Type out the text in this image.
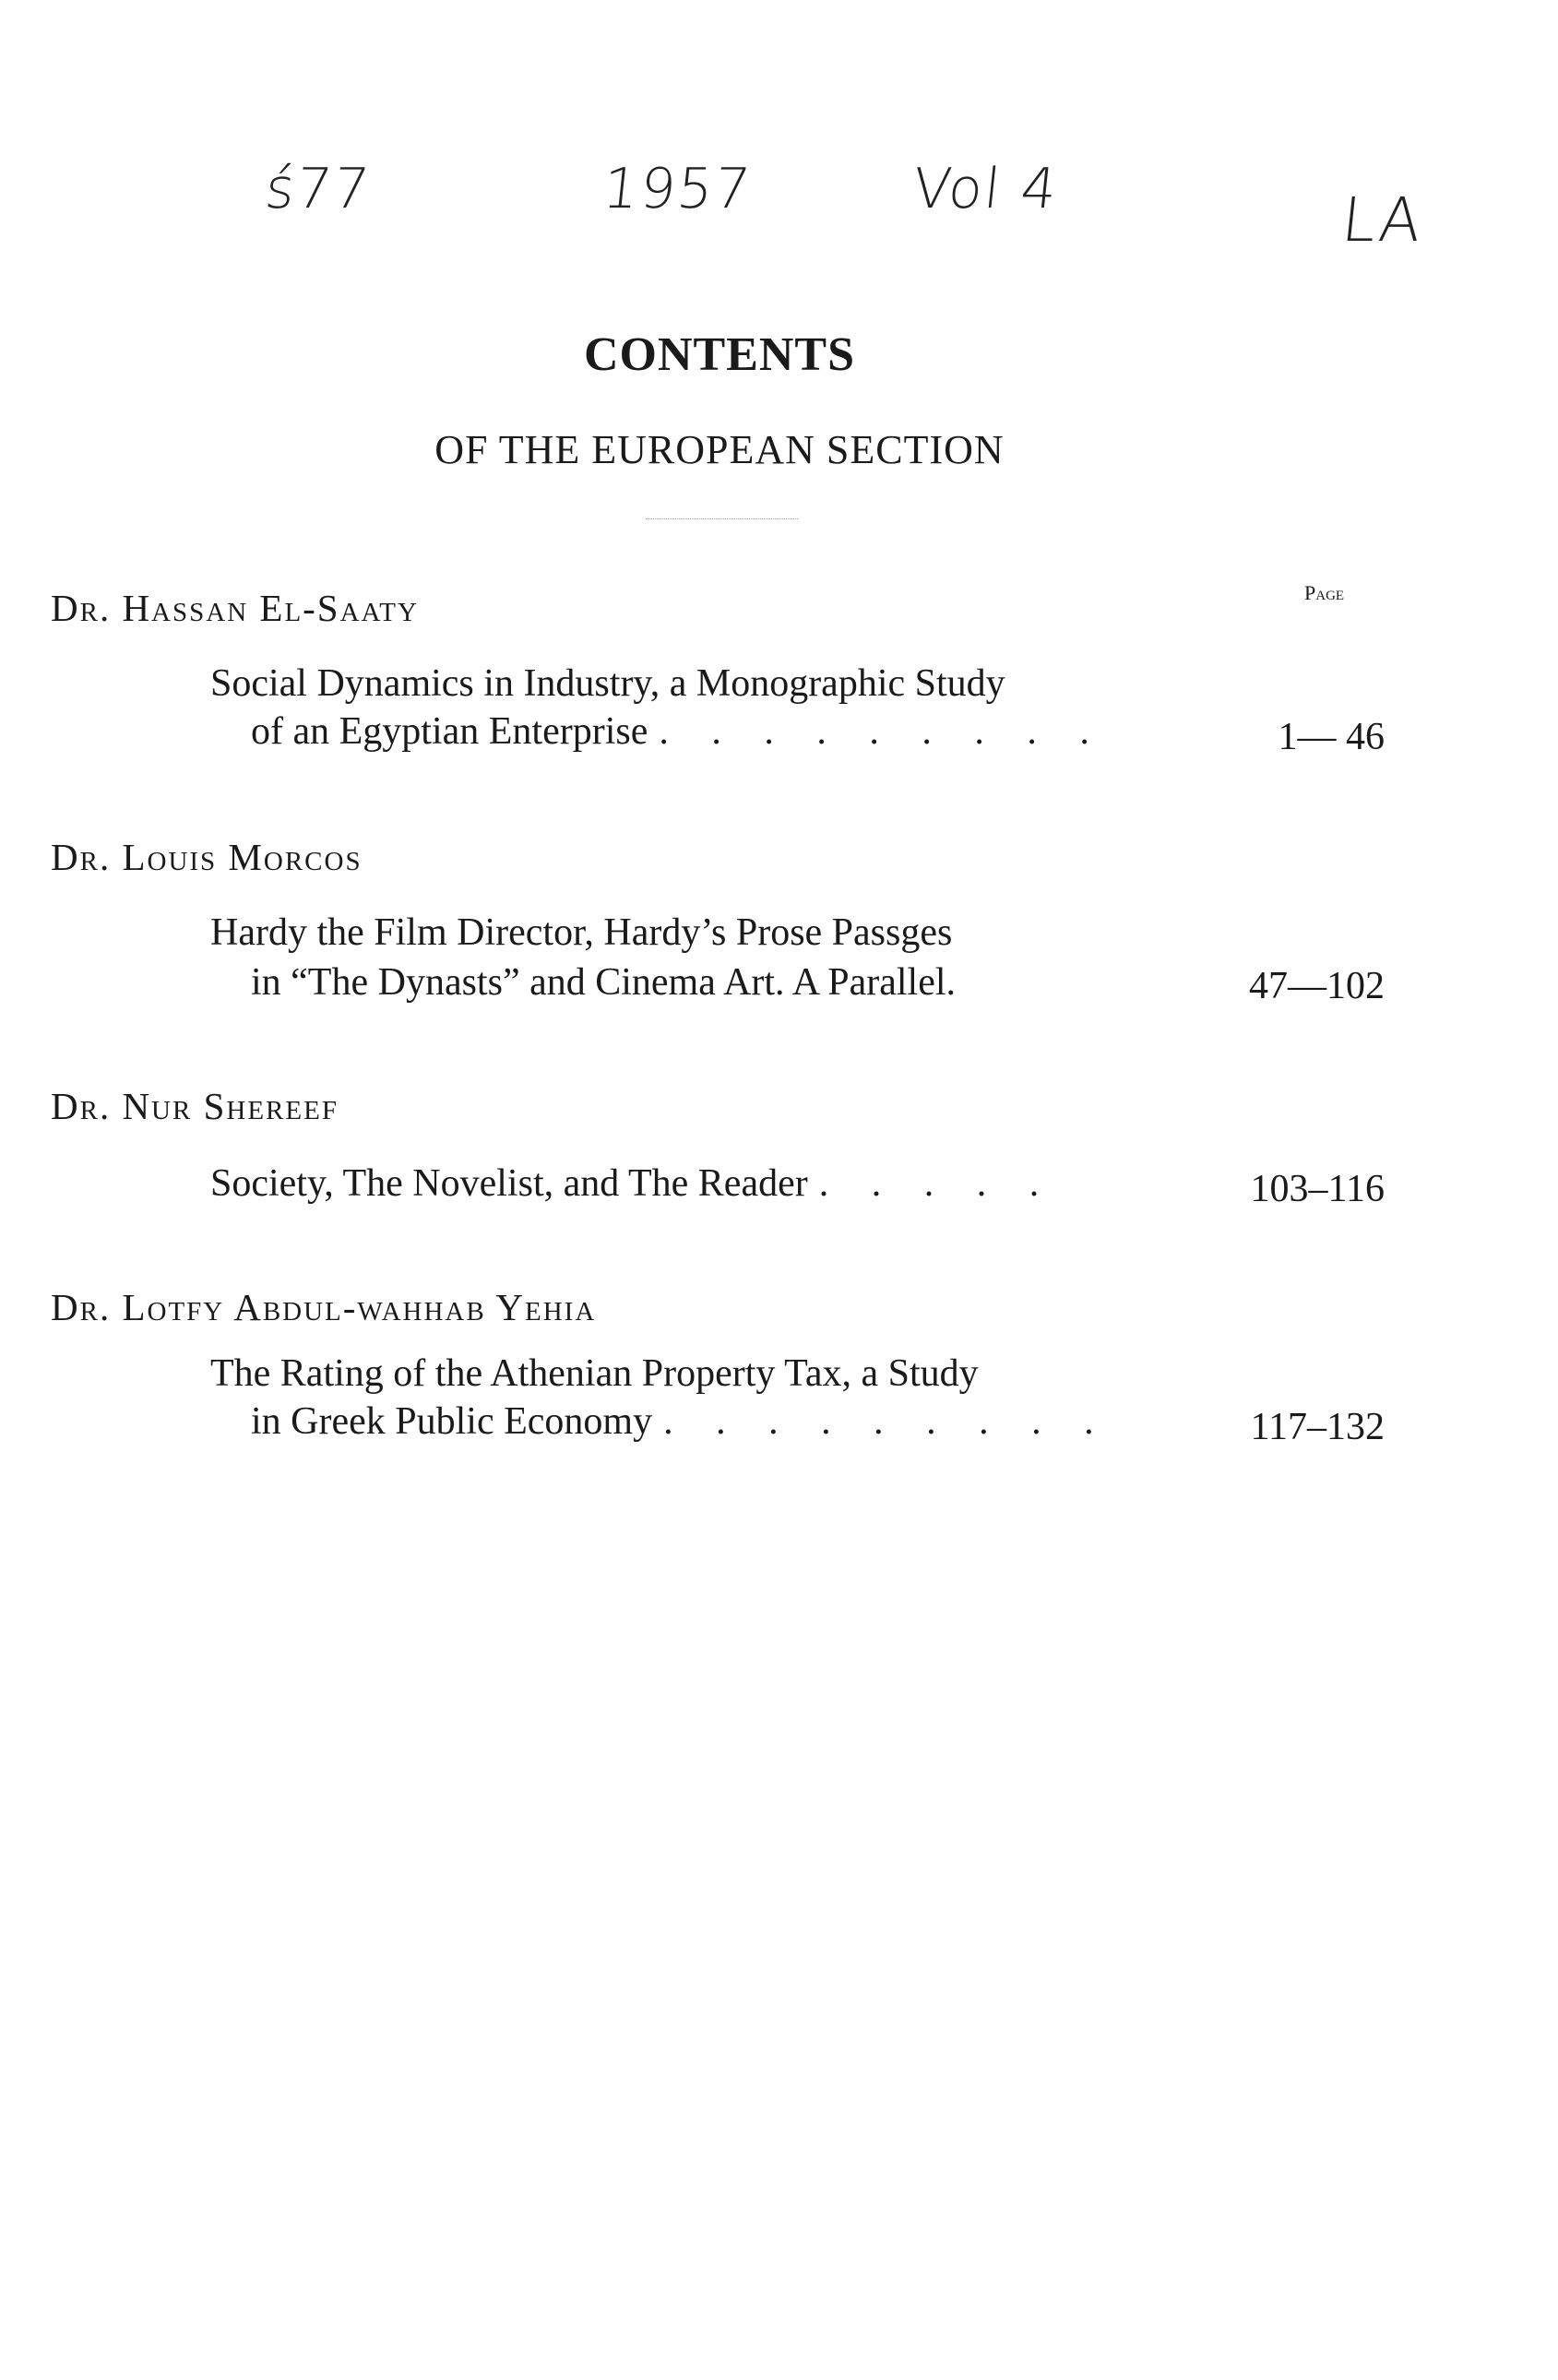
ś77	1957	Vol 4	LA
CONTENTS
OF THE EUROPEAN SECTION
Page
Dr. Hassan El-Saaty
Social Dynamics in Industry, a Monographic Study
of an Egyptian Enterprise . . . . . . . . .	1— 46
Dr. Louis Morcos
Hardy the Film Director, Hardy’s Prose Passges
in “The Dynasts” and Cinema Art. A Parallel.	47—102
Dr. Nur Shereef
Society, The Novelist, and The Reader . . . . .	103–116
Dr. Lotfy Abdul-wahhab Yehia
The Rating of the Athenian Property Tax, a Study
in Greek Public Economy . . . . . . . . .	117–132
